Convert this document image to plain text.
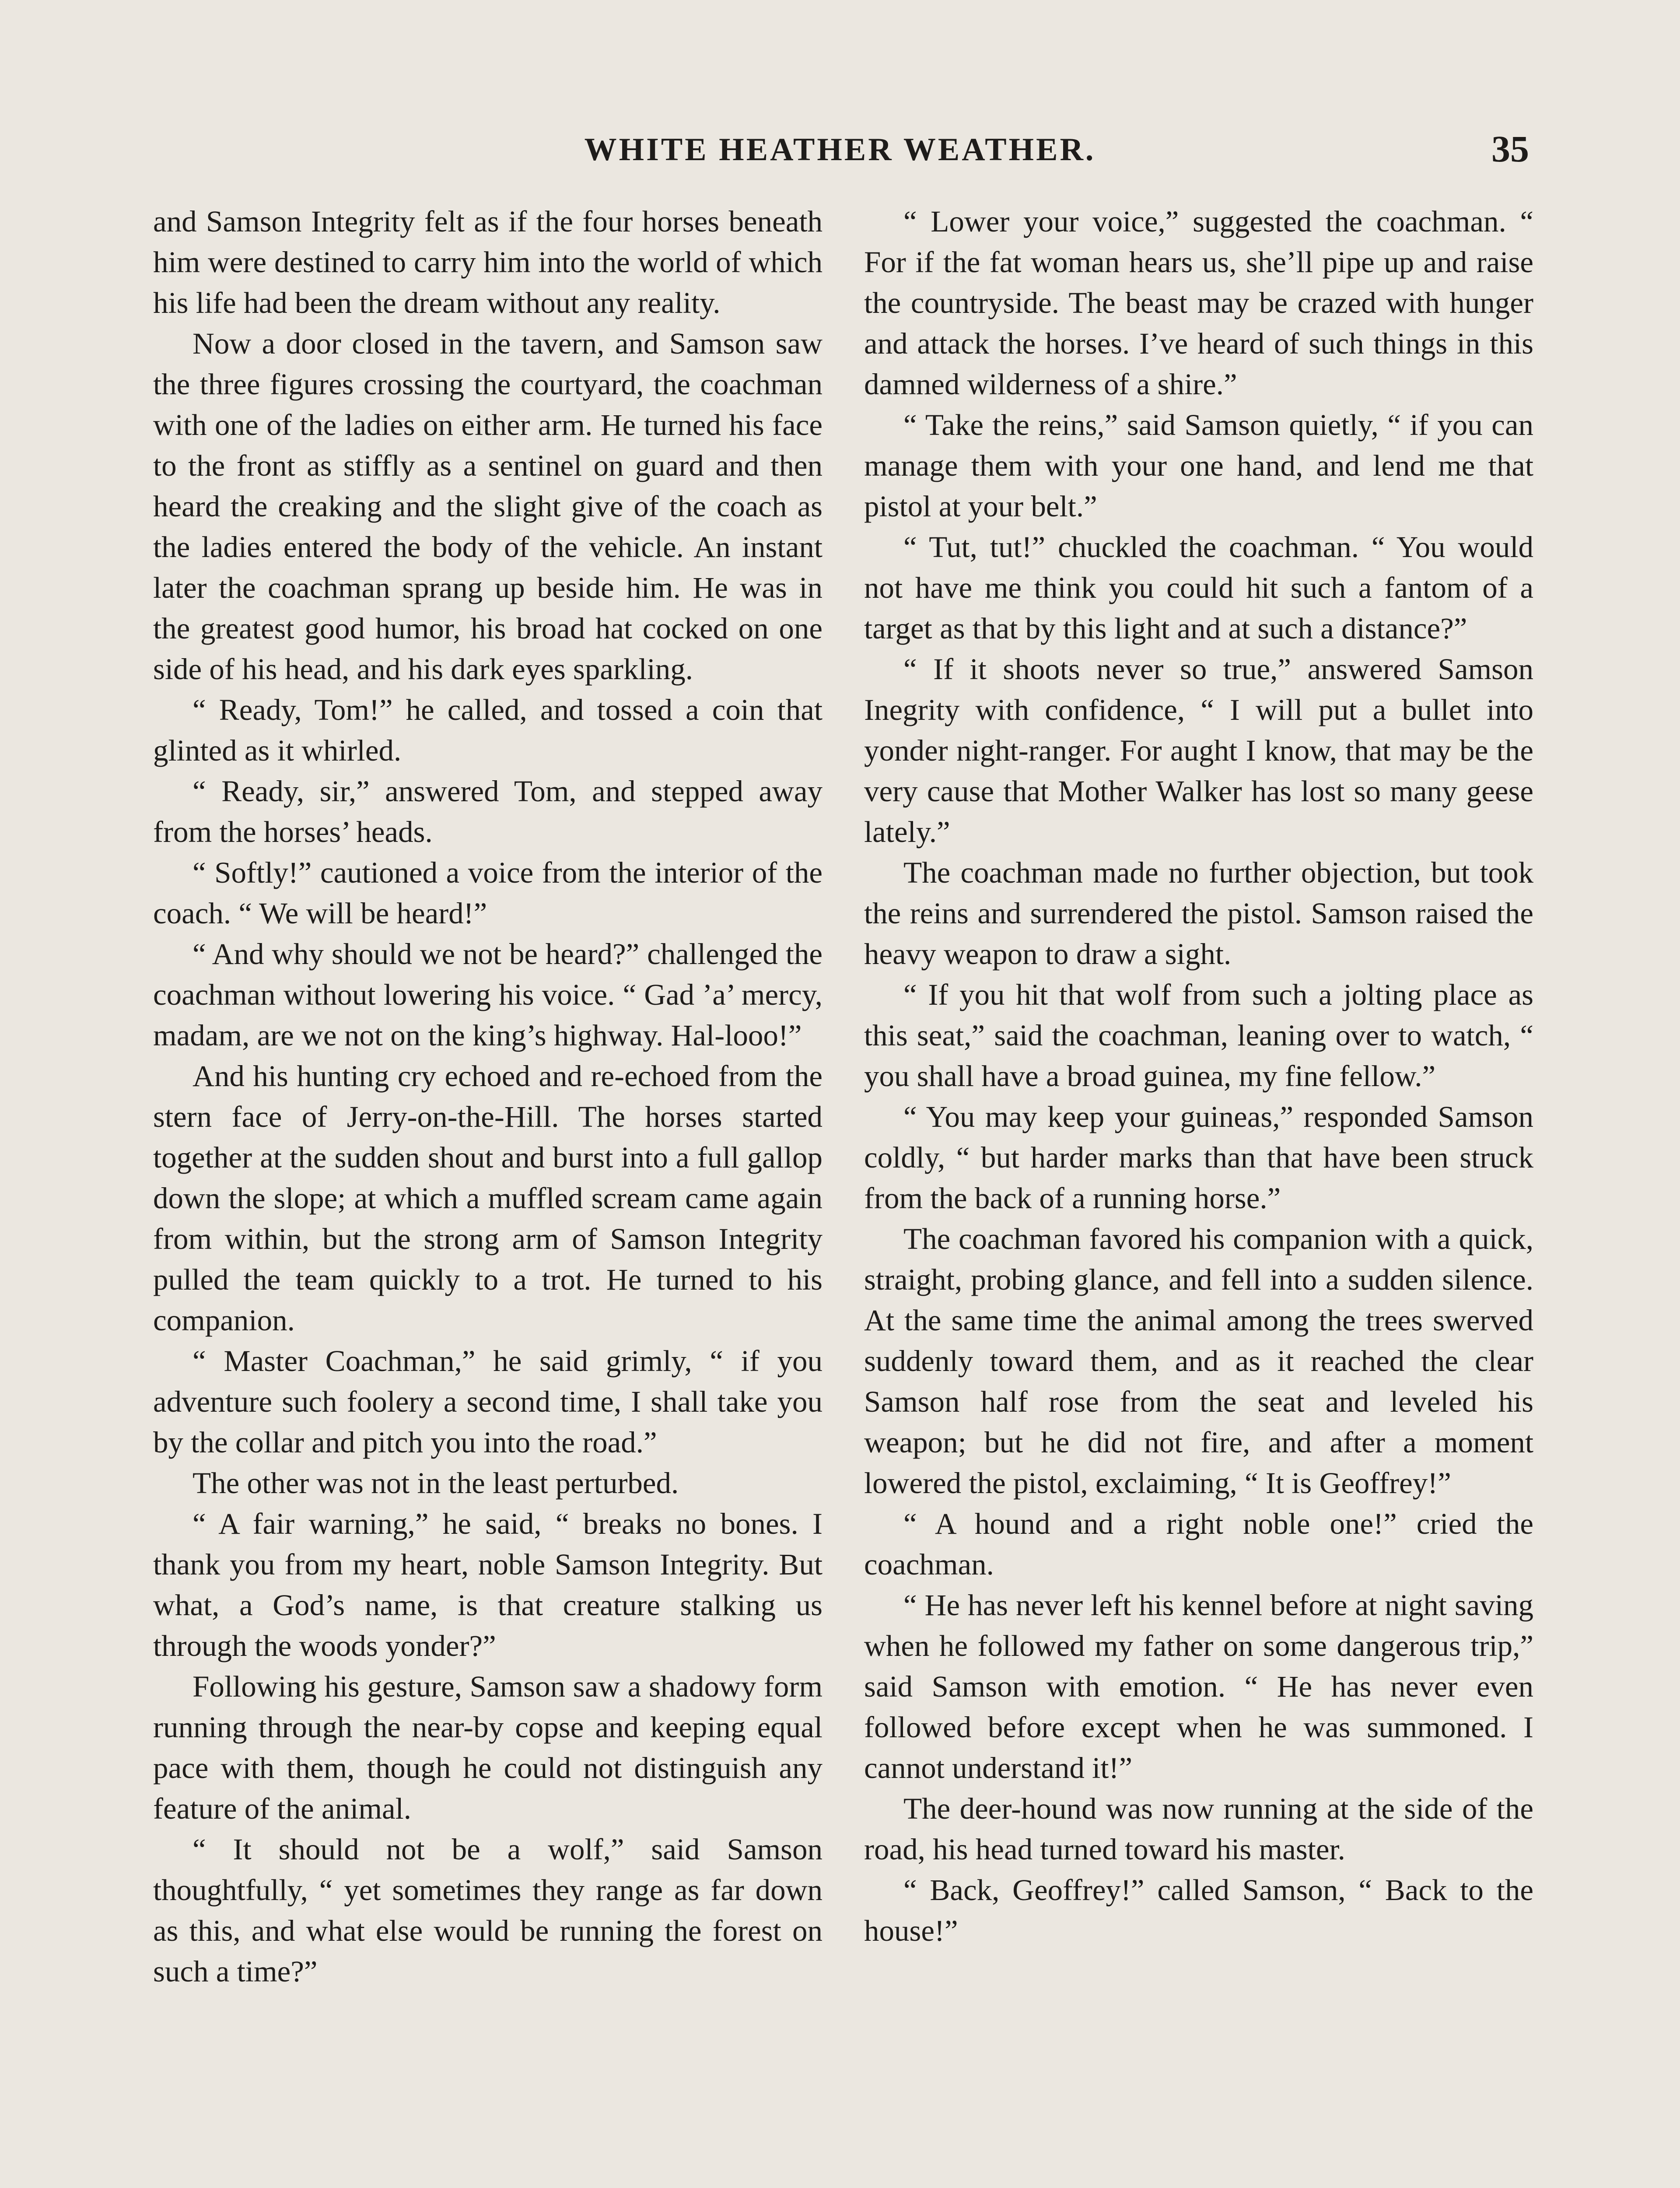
WHITE HEATHER WEATHER.	35

and Samson Integrity felt as if the four horses beneath him were destined to carry him into the world of which his life had been the dream without any reality.

Now a door closed in the tavern, and Samson saw the three figures crossing the courtyard, the coachman with one of the ladies on either arm. He turned his face to the front as stiffly as a sentinel on guard and then heard the creaking and the slight give of the coach as the ladies entered the body of the vehicle. An instant later the coachman sprang up beside him. He was in the greatest good humor, his broad hat cocked on one side of his head, and his dark eyes sparkling.

“ Ready, Tom!” he called, and tossed a coin that glinted as it whirled.

“ Ready, sir,” answered Tom, and stepped away from the horses’ heads.

“ Softly!” cautioned a voice from the interior of the coach. “ We will be heard!”

“ And why should we not be heard?” challenged the coachman without lowering his voice. “ Gad ’a’ mercy, madam, are we not on the king’s highway. Hal-looo!”

And his hunting cry echoed and re-echoed from the stern face of Jerry-on-the-Hill. The horses started together at the sudden shout and burst into a full gallop down the slope; at which a muffled scream came again from within, but the strong arm of Samson Integrity pulled the team quickly to a trot. He turned to his companion.

“ Master Coachman,” he said grimly, “ if you adventure such foolery a second time, I shall take you by the collar and pitch you into the road.”

The other was not in the least perturbed.

“ A fair warning,” he said, “ breaks no bones. I thank you from my heart, noble Samson Integrity. But what, a God’s name, is that creature stalking us through the woods yonder?”

Following his gesture, Samson saw a shadowy form running through the near-by copse and keeping equal pace with them, though he could not distinguish any feature of the animal.

“ It should not be a wolf,” said Samson thoughtfully, “ yet sometimes they range as far down as this, and what else would be running the forest on such a time?”

“ Lower your voice,” suggested the coachman. “ For if the fat woman hears us, she’ll pipe up and raise the countryside. The beast may be crazed with hunger and attack the horses. I’ve heard of such things in this damned wilderness of a shire.”

“ Take the reins,” said Samson quietly, “ if you can manage them with your one hand, and lend me that pistol at your belt.”

“ Tut, tut!” chuckled the coachman. “ You would not have me think you could hit such a fantom of a target as that by this light and at such a distance?”

“ If it shoots never so true,” answered Samson Inegrity with confidence, “ I will put a bullet into yonder night-ranger. For aught I know, that may be the very cause that Mother Walker has lost so many geese lately.”

The coachman made no further objection, but took the reins and surrendered the pistol. Samson raised the heavy weapon to draw a sight.

“ If you hit that wolf from such a jolting place as this seat,” said the coachman, leaning over to watch, “ you shall have a broad guinea, my fine fellow.”

“ You may keep your guineas,” responded Samson coldly, “ but harder marks than that have been struck from the back of a running horse.”

The coachman favored his companion with a quick, straight, probing glance, and fell into a sudden silence. At the same time the animal among the trees swerved suddenly toward them, and as it reached the clear Samson half rose from the seat and leveled his weapon; but he did not fire, and after a moment lowered the pistol, exclaiming, “ It is Geoffrey!”

“ A hound and a right noble one!” cried the coachman.

“ He has never left his kennel before at night saving when he followed my father on some dangerous trip,” said Samson with emotion. “ He has never even followed before except when he was summoned. I cannot understand it!”

The deer-hound was now running at the side of the road, his head turned toward his master.

“ Back, Geoffrey!” called Samson, “ Back to the house!”
